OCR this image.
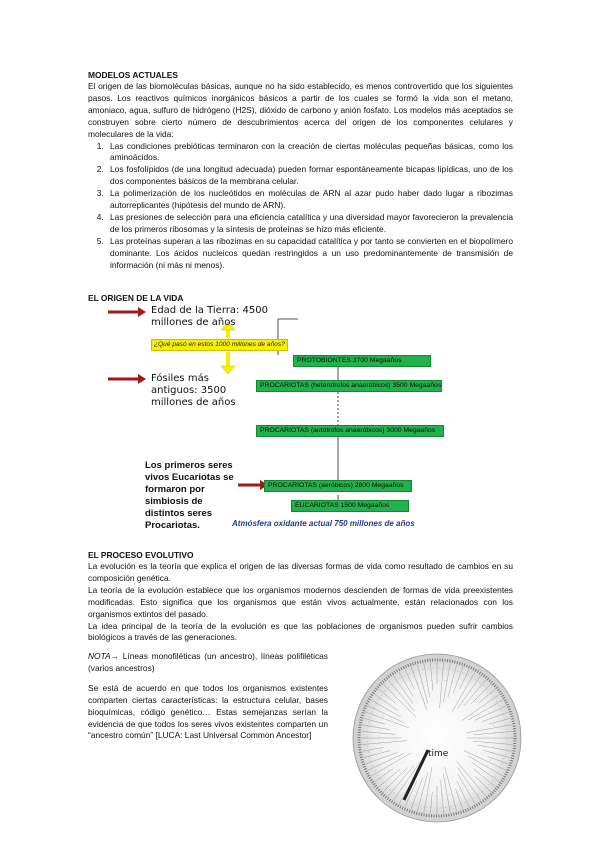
MODELOS ACTUALES
El origen de las biomoléculas básicas, aunque no ha sido establecido, es menos controvertido que los siguientes pasos. Los reactivos químicos inorgánicos básicos a partir de los cuales se formó la vida son el metano, amoniaco, agua, sulfuro de hidrógeno (H2S), dióxido de carbono y anión fosfato. Los modelos más aceptados se construyen sobre cierto número de descubrimientos acerca del origen de los componentes celulares y moleculares de la vida:
1. Las condiciones prebióticas terminaron con la creación de ciertas moléculas pequeñas básicas, como los aminoácidos.
2. Los fosfolípidos (de una longitud adecuada) pueden formar espontáneamente bicapas lipídicas, uno de los dos componentes básicos de la membrana celular.
3. La polimerización de los nucleótidos en moléculas de ARN al azar pudo haber dado lugar a ribozimas autorreplicantes (hipótesis del mundo de ARN).
4. Las presiones de selección para una eficiencia catalítica y una diversidad mayor favorecieron la prevalencia de los primeros ribosomas y la síntesis de proteínas se hizo más eficiente.
5. Las proteínas superan a las ribozimas en su capacidad catalítica y por tanto se convierten en el biopolímero dominante. Los ácidos nucleicos quedan restringidos a un uso predominantemente de transmisión de información (ni más ni menos).
EL ORIGEN DE LA VIDA
Edad de la Tierra: 4500 millones de años
¿Qué pasó en estos 1000 millones de años?
Fósiles más antiguos: 3500 millones de años
Los primeros seres vivos Eucariotas se formaron por simbiosis de distintos seres Procariotas.
PROTOBIONTES 3700 Megaaños
PROCARIOTAS (heterotrofos anaeróbicos) 3500 Megaaños
PROCARIOTAS (autotrofos anaeróbicos) 3000 Megaaños
PROCARIOTAS (aeróbicos) 2800 Megaaños
EUCARIOTAS 1500 Megaaños
Atmósfera oxidante actual 750 millones de años
EL PROCESO EVOLUTIVO
La evolución es la teoría que explica el origen de las diversas formas de vida como resultado de cambios en su composición genética.
La teoría de la evolución establece que los organismos modernos descienden de formas de vida preexistentes modificadas. Esto significa que los organismos que están vivos actualmente, están relacionados con los organismos extintos del pasado.
La idea principal de la teoría de la evolución es que las poblaciones de organismos pueden sufrir cambios biológicos a través de las generaciones.
NOTA→ Líneas monofiléticas (un ancestro), líneas polifiléticas (varios ancestros)
Se está de acuerdo en que todos los organismos existentes comparten ciertas características: la estructura celular, bases bioquímicas, código genético… Estas semejanzas serían la evidencia de que todos los seres vivos existentes comparten un “ancestro común” [LUCA: Last Universal Common Ancestor]
time
